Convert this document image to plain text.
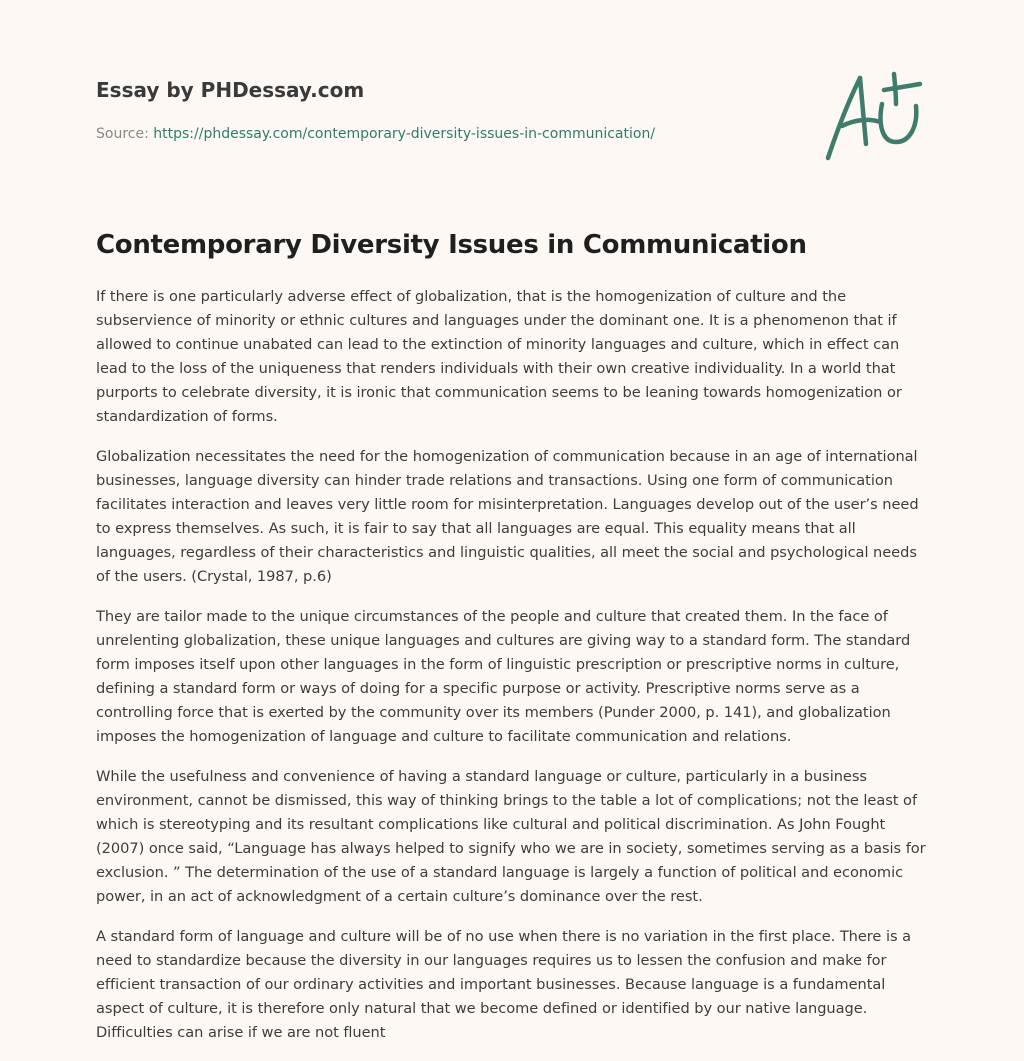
Essay by PHDessay.com
Source: https://phdessay.com/contemporary-diversity-issues-in-communication/
Contemporary Diversity Issues in Communication

If there is one particularly adverse effect of globalization, that is the homogenization of culture and the subservience of minority or ethnic cultures and languages under the dominant one. It is a phenomenon that if allowed to continue unabated can lead to the extinction of minority languages and culture, which in effect can lead to the loss of the uniqueness that renders individuals with their own creative individuality. In a world that purports to celebrate diversity, it is ironic that communication seems to be leaning towards homogenization or standardization of forms.

Globalization necessitates the need for the homogenization of communication because in an age of international businesses, language diversity can hinder trade relations and transactions. Using one form of communication facilitates interaction and leaves very little room for misinterpretation. Languages develop out of the user’s need to express themselves. As such, it is fair to say that all languages are equal. This equality means that all languages, regardless of their characteristics and linguistic qualities, all meet the social and psychological needs of the users. (Crystal, 1987, p.6)

They are tailor made to the unique circumstances of the people and culture that created them. In the face of unrelenting globalization, these unique languages and cultures are giving way to a standard form. The standard form imposes itself upon other languages in the form of linguistic prescription or prescriptive norms in culture, defining a standard form or ways of doing for a specific purpose or activity. Prescriptive norms serve as a controlling force that is exerted by the community over its members (Punder 2000, p. 141), and globalization imposes the homogenization of language and culture to facilitate communication and relations.

While the usefulness and convenience of having a standard language or culture, particularly in a business environment, cannot be dismissed, this way of thinking brings to the table a lot of complications; not the least of which is stereotyping and its resultant complications like cultural and political discrimination. As John Fought (2007) once said, “Language has always helped to signify who we are in society, sometimes serving as a basis for exclusion. ” The determination of the use of a standard language is largely a function of political and economic power, in an act of acknowledgment of a certain culture’s dominance over the rest.

A standard form of language and culture will be of no use when there is no variation in the first place. There is a need to standardize because the diversity in our languages requires us to lessen the confusion and make for efficient transaction of our ordinary activities and important businesses. Because language is a fundamental aspect of culture, it is therefore only natural that we become defined or identified by our native language. Difficulties can arise if we are not fluent
